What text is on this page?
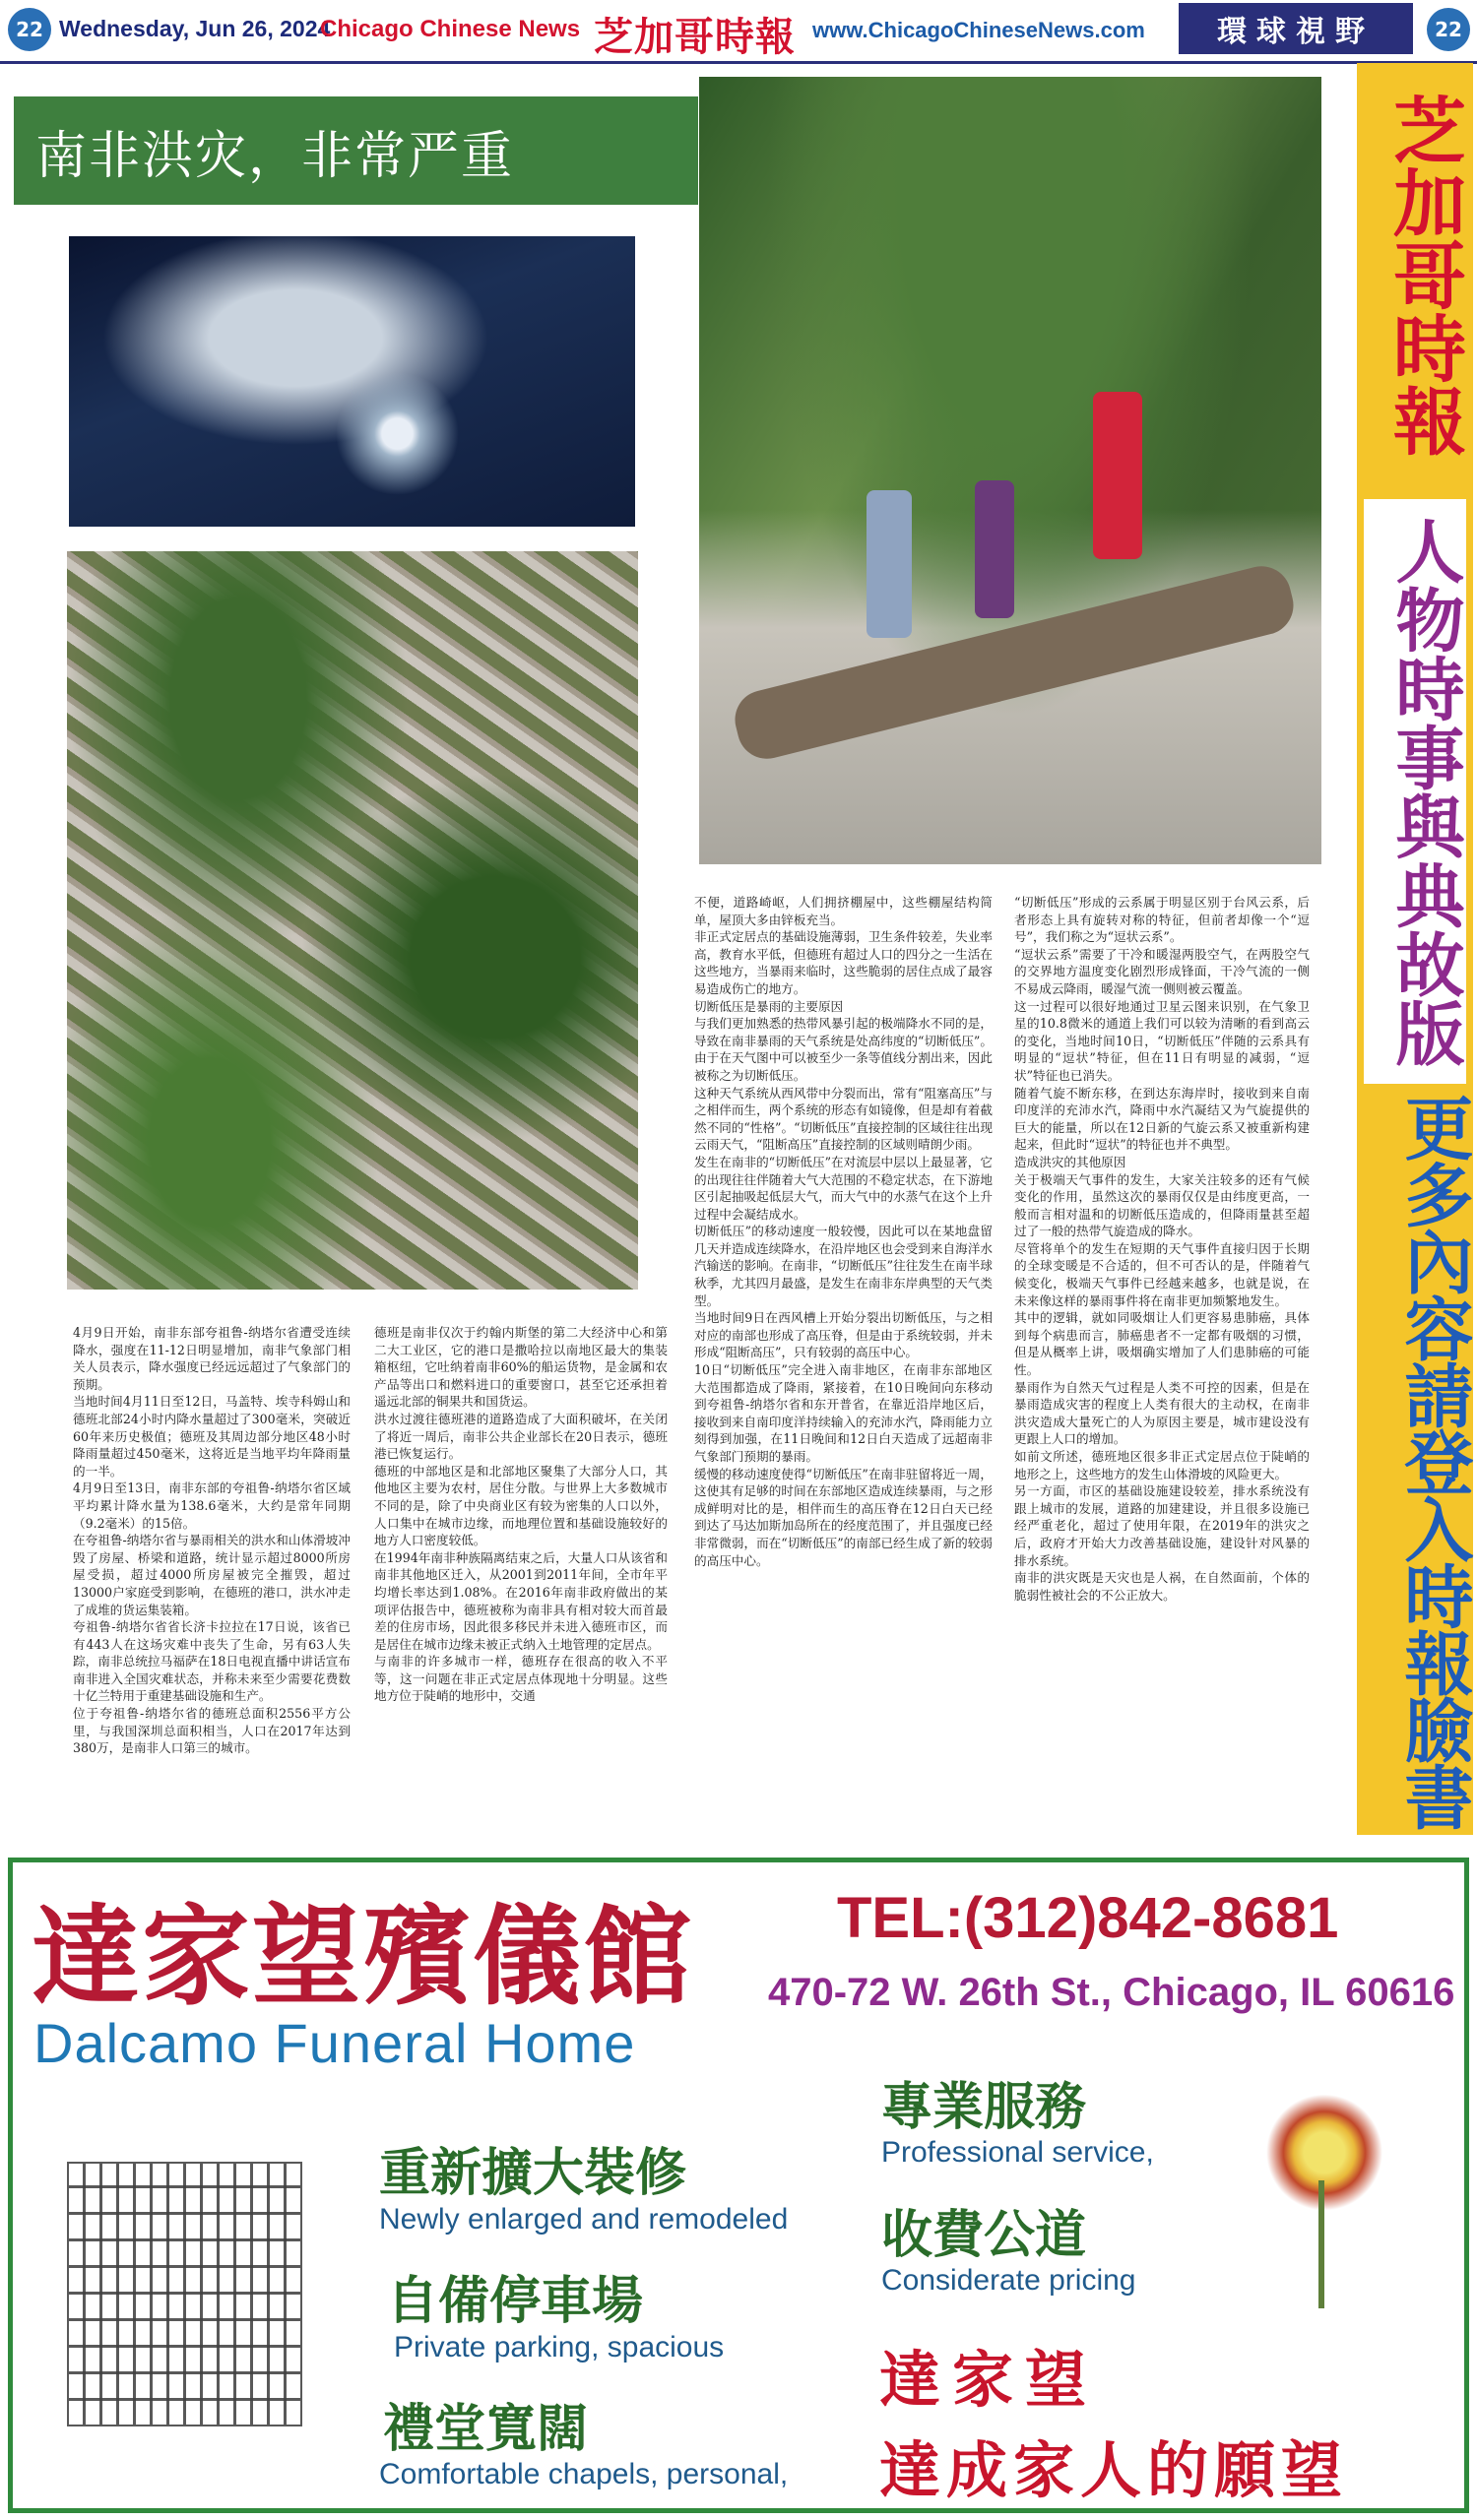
22 Wednesday, Jun 26, 2024
Chicago Chinese News 芝加哥時報 www.ChicagoChineseNews.com	環球視野	22
南非洪灾，非常严重
4月9日开始，南非东部夸祖鲁-纳塔尔省遭受连续降水，强度在11-12日明显增加，南非气象部门相关人员表示，降水强度已经远远超过了气象部门的预期。
当地时间4月11日至12日，马盖特、埃寺科姆山和德班北部24小时内降水量超过了300毫米，突破近60年来历史极值；德班及其周边部分地区48小时降雨量超过450毫米，这将近是当地平均年降雨量的一半。
4月9日至13日，南非东部的夸祖鲁-纳塔尔省区域平均累计降水量为138.6毫米，大约是常年同期（9.2毫米）的15倍。
在夸祖鲁-纳塔尔省与暴雨相关的洪水和山体滑坡冲毁了房屋、桥梁和道路，统计显示超过8000所房屋受损，超过4000所房屋被完全摧毁，超过13000户家庭受到影响，在德班的港口，洪水冲走了成堆的货运集装箱。
夸祖鲁-纳塔尔省省长济卡拉拉在17日说，该省已有443人在这场灾难中丧失了生命，另有63人失踪，南非总统拉马福萨在18日电视直播中讲话宣布南非进入全国灾难状态，并称未来至少需要花费数十亿兰特用于重建基础设施和生产。
位于夸祖鲁-纳塔尔省的德班总面积2556平方公里，与我国深圳总面积相当，人口在2017年达到380万，是南非人口第三的城市。
德班是南非仅次于约翰内斯堡的第二大经济中心和第二大工业区，它的港口是撒哈拉以南地区最大的集装箱枢纽，它吐纳着南非60%的船运货物，是金属和农产品等出口和燃料进口的重要窗口，甚至它还承担着遥远北部的铜果共和国货运。
洪水过渡往德班港的道路造成了大面积破坏，在关闭了将近一周后，南非公共企业部长在20日表示，德班港已恢复运行。
德班的中部地区是和北部地区聚集了大部分人口，其他地区主要为农村，居住分散。与世界上大多数城市不同的是，除了中央商业区有较为密集的人口以外，人口集中在城市边缘，而地理位置和基础设施较好的地方人口密度较低。
在1994年南非种族隔离结束之后，大量人口从该省和南非其他地区迁入，从2001到2011年间，全市年平均增长率达到1.08%。在2016年南非政府做出的某项评估报告中，德班被称为南非具有相对较大而首最差的住房市场，因此很多移民并未进入德班市区，而是居住在城市边缘未被正式纳入土地管理的定居点。
与南非的许多城市一样，德班存在很高的收入不平等，这一问题在非正式定居点体现地十分明显。这些地方位于陡峭的地形中，交通
不便，道路崎岖，人们拥挤棚屋中，这些棚屋结构简单，屋顶大多由锌板充当。
非正式定居点的基础设施薄弱，卫生条件较差，失业率高，教育水平低，但德班有超过人口的四分之一生活在这些地方，当暴雨来临时，这些脆弱的居住点成了最容易造成伤亡的地方。
切断低压是暴雨的主要原因
与我们更加熟悉的热带风暴引起的极端降水不同的是，导致在南非暴雨的天气系统是处高纬度的“切断低压”。由于在天气图中可以被至少一条等值线分割出来，因此被称之为切断低压。
这种天气系统从西风带中分裂而出，常有“阻塞高压”与之相伴而生，两个系统的形态有如镜像，但是却有着截然不同的“性格”。“切断低压”直接控制的区域往往出现云雨天气，“阻断高压”直接控制的区域则晴朗少雨。
发生在南非的“切断低压”在对流层中层以上最显著，它的出现往往伴随着大气大范围的不稳定状态，在下游地区引起抽吸起低层大气，而大气中的水蒸气在这个上升过程中会凝结成水。
切断低压”的移动速度一般较慢，因此可以在某地盘留几天并造成连续降水，在沿岸地区也会受到来自海洋水汽输送的影响。在南非，“切断低压”往往发生在南半球秋季，尤其四月最盛，是发生在南非东岸典型的天气类型。
当地时间9日在西风槽上开始分裂出切断低压，与之相对应的南部也形成了高压脊，但是由于系统较弱，并未形成“阻断高压”，只有较弱的高压中心。
10日“切断低压”完全进入南非地区，在南非东部地区大范围都造成了降雨，紧接着，在10日晚间向东移动到夸祖鲁-纳塔尔省和东开普省，在靠近沿岸地区后，接收到来自南印度洋持续输入的充沛水汽，降雨能力立刻得到加强，在11日晚间和12日白天造成了远超南非气象部门预期的暴雨。
缓慢的移动速度使得“切断低压”在南非驻留将近一周，这使其有足够的时间在东部地区造成连续暴雨，与之形成鲜明对比的是，相伴而生的高压脊在12日白天已经到达了马达加斯加岛所在的经度范围了，并且强度已经非常微弱，而在“切断低压”的南部已经生成了新的较弱的高压中心。
“切断低压”形成的云系属于明显区别于台风云系，后者形态上具有旋转对称的特征，但前者却像一个“逗号”，我们称之为“逗状云系”。
“逗状云系”需要了干冷和暖湿两股空气，在两股空气的交界地方温度变化剧烈形成锋面，干冷气流的一侧不易成云降雨，暖湿气流一侧则被云覆盖。
这一过程可以很好地通过卫星云图来识别，在气象卫星的10.8微米的通道上我们可以较为清晰的看到高云的变化，当地时间10日，“切断低压”伴随的云系具有明显的“逗状”特征，但在11日有明显的减弱，“逗状”特征也已消失。
随着气旋不断东移，在到达东海岸时，接收到来自南印度洋的充沛水汽，降雨中水汽凝结又为气旋提供的巨大的能量，所以在12日新的气旋云系又被重新构建起来，但此时“逗状”的特征也并不典型。
造成洪灾的其他原因
关于极端天气事件的发生，大家关注较多的还有气候变化的作用，虽然这次的暴雨仅仅是由纬度更高，一般而言相对温和的切断低压造成的，但降雨量甚至超过了一般的热带气旋造成的降水。
尽管将单个的发生在短期的天气事件直接归因于长期的全球变暖是不合适的，但不可否认的是，伴随着气候变化，极端天气事件已经越来越多，也就是说，在未来像这样的暴雨事件将在南非更加频繁地发生。
其中的逻辑，就如同吸烟让人们更容易患肺癌，具体到每个病患而言，肺癌患者不一定都有吸烟的习惯，但是从概率上讲，吸烟确实增加了人们患肺癌的可能性。
暴雨作为自然天气过程是人类不可控的因素，但是在暴雨造成灾害的程度上人类有很大的主动权，在南非洪灾造成大量死亡的人为原因主要是，城市建设没有更跟上人口的增加。
如前文所述，德班地区很多非正式定居点位于陡峭的地形之上，这些地方的发生山体滑坡的风险更大。
另一方面，市区的基础设施建设较差，排水系统没有跟上城市的发展，道路的加建建设，并且很多设施已经严重老化，超过了使用年限，在2019年的洪灾之后，政府才开始大力改善基础设施，建设针对风暴的排水系统。
南非的洪灾既是天灾也是人祸，在自然面前，个体的脆弱性被社会的不公正放大。
芝加哥時報
人物時事與典故版
更多內容請登入時報臉書
達家望殯儀館
Dalcamo Funeral Home
TEL:(312)842-8681
470-72 W. 26th St., Chicago, IL 60616
重新擴大裝修
Newly enlarged and remodeled
自備停車場
Private parking, spacious
禮堂寬闊
Comfortable chapels, personal,
專業服務
Professional service,
收費公道
Considerate pricing
達家望
達成家人的願望
